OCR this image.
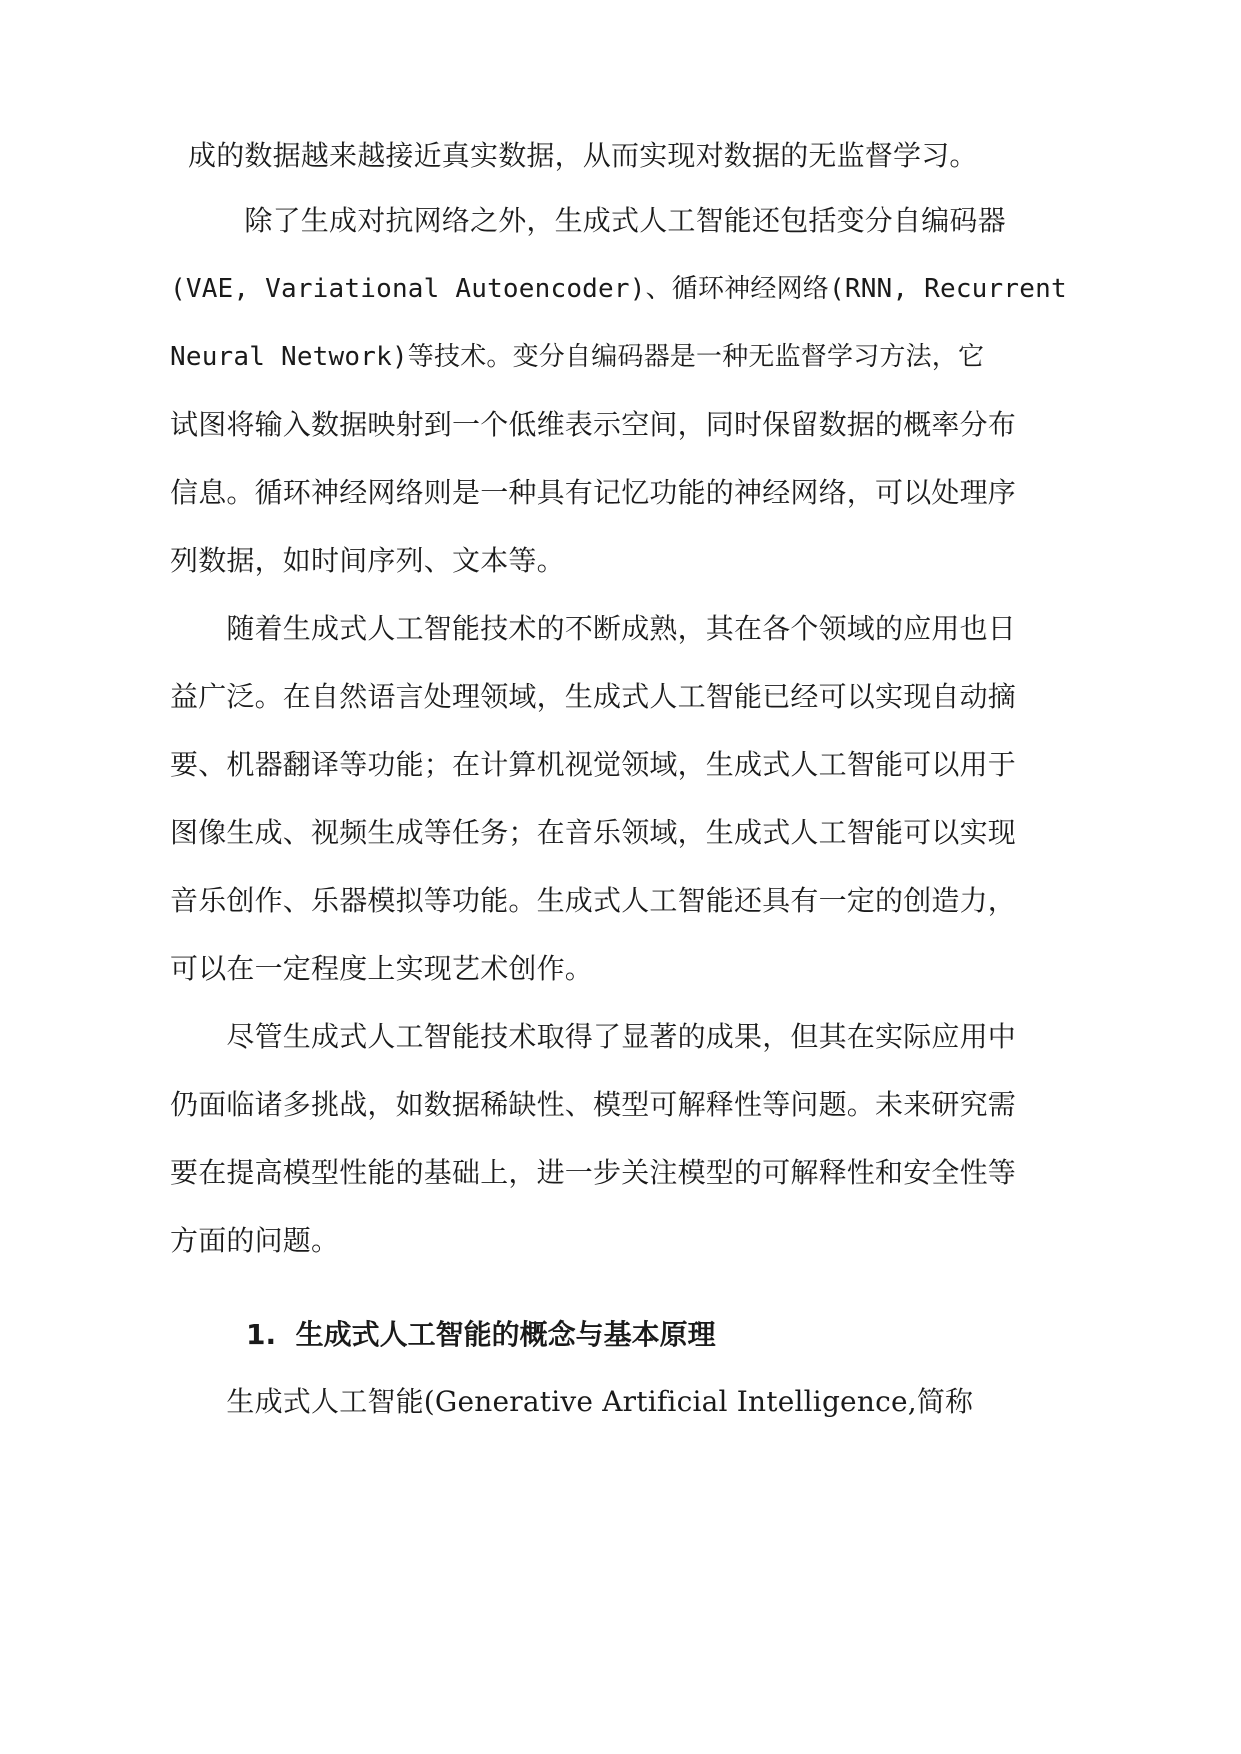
成的数据越来越接近真实数据，从而实现对数据的无监督学习。
　　除了生成对抗网络之外，生成式人工智能还包括变分自编码器
(VAE, Variational Autoencoder)、循环神经网络(RNN, Recurrent
Neural Network)等技术。变分自编码器是一种无监督学习方法，它
试图将输入数据映射到一个低维表示空间，同时保留数据的概率分布
信息。循环神经网络则是一种具有记忆功能的神经网络，可以处理序
列数据，如时间序列、文本等。
　　随着生成式人工智能技术的不断成熟，其在各个领域的应用也日
益广泛。在自然语言处理领域，生成式人工智能已经可以实现自动摘
要、机器翻译等功能；在计算机视觉领域，生成式人工智能可以用于
图像生成、视频生成等任务；在音乐领域，生成式人工智能可以实现
音乐创作、乐器模拟等功能。生成式人工智能还具有一定的创造力，
可以在一定程度上实现艺术创作。
　　尽管生成式人工智能技术取得了显著的成果，但其在实际应用中
仍面临诸多挑战，如数据稀缺性、模型可解释性等问题。未来研究需
要在提高模型性能的基础上，进一步关注模型的可解释性和安全性等
方面的问题。
1.  生成式人工智能的概念与基本原理
　　生成式人工智能(Generative Artificial Intelligence,简称
